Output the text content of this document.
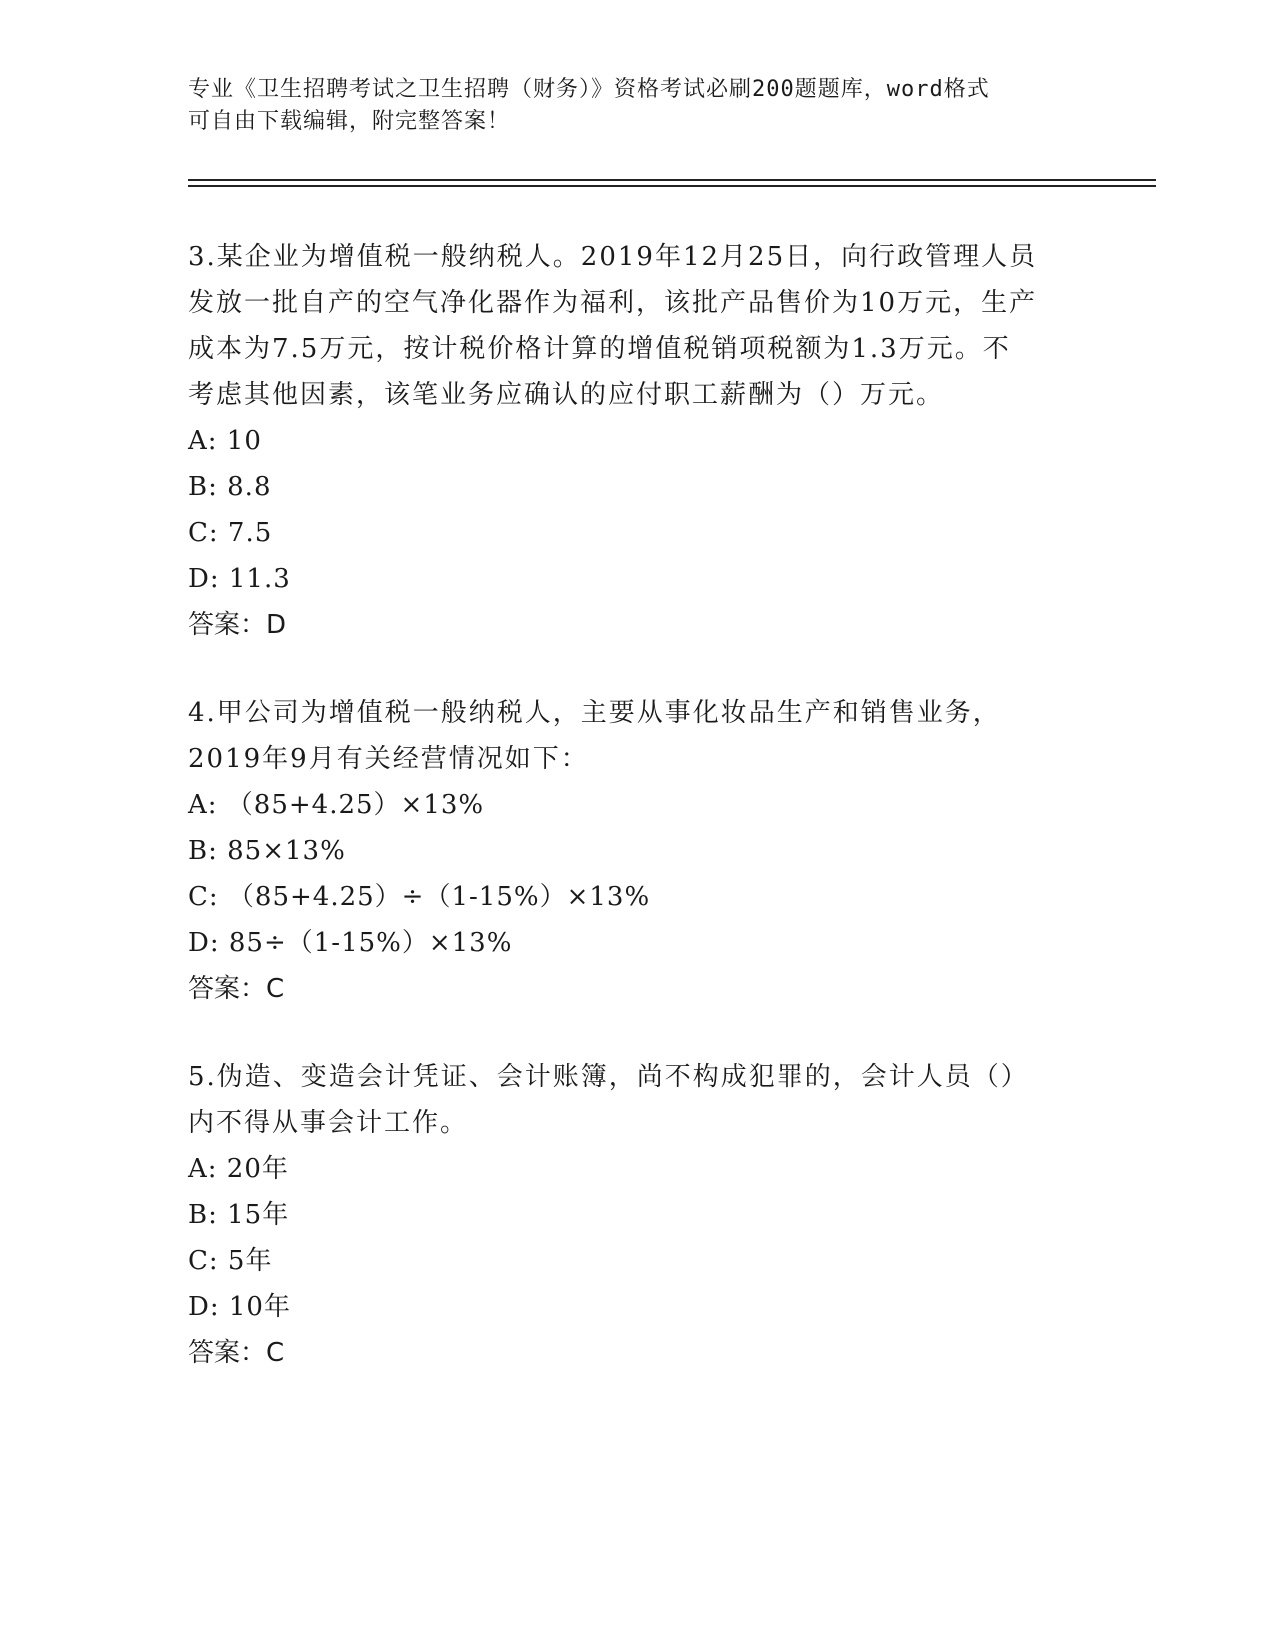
专业《卫生招聘考试之卫生招聘（财务）》资格考试必刷200题题库，word格式
可自由下载编辑，附完整答案！
3.某企业为增值税一般纳税人。2019年12月25日，向行政管理人员
发放一批自产的空气净化器作为福利，该批产品售价为10万元，生产
成本为7.5万元，按计税价格计算的增值税销项税额为1.3万元。不
考虑其他因素，该笔业务应确认的应付职工薪酬为（）万元。
A: 10
B: 8.8
C: 7.5
D: 11.3
答案：D
4.甲公司为增值税一般纳税人，主要从事化妆品生产和销售业务，
2019年9月有关经营情况如下：
A: （85+4.25）×13%
B: 85×13%
C: （85+4.25）÷（1-15%）×13%
D: 85÷（1-15%）×13%
答案：C
5.伪造、变造会计凭证、会计账簿，尚不构成犯罪的，会计人员（）
内不得从事会计工作。
A: 20年
B: 15年
C: 5年
D: 10年
答案：C
